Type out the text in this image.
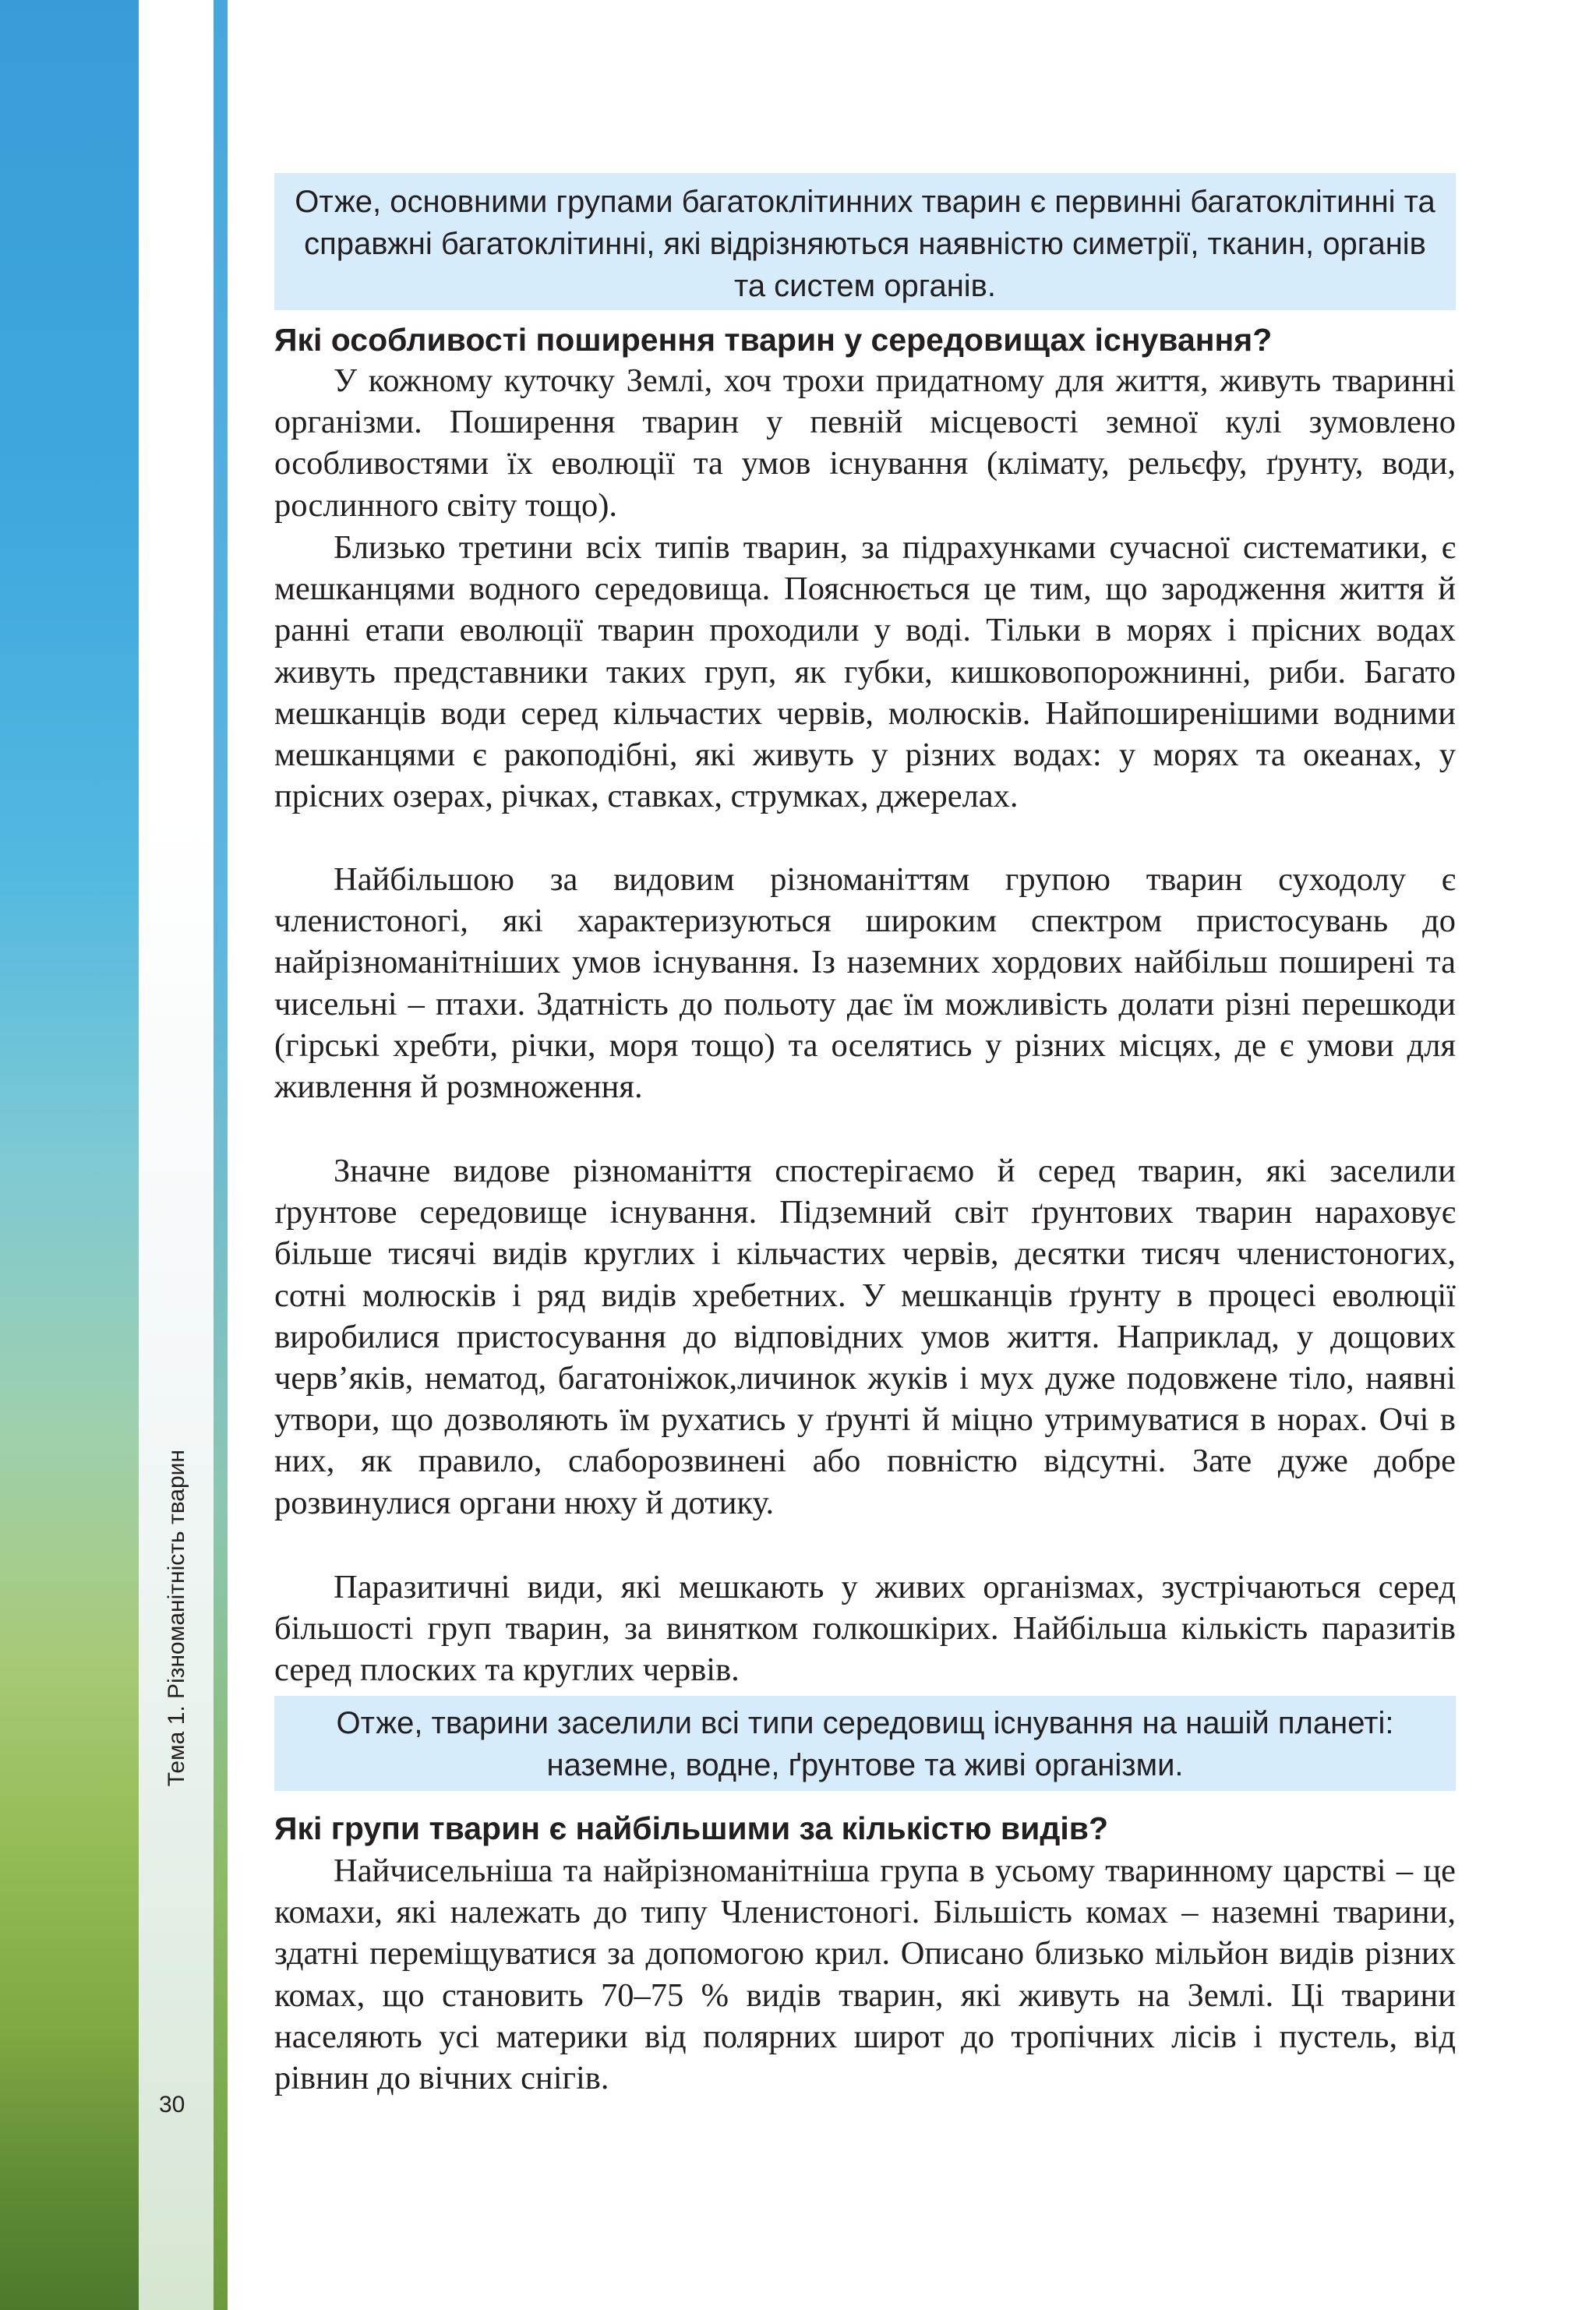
Тема 1. Різноманітність тварин
30
Отже, основними групами багатоклітинних тварин є первинні багатоклітинні та справжні багатоклітинні, які відрізняються наявністю симетрії, тканин, органів та систем органів.
Які особливості поширення тварин у середовищах існування?

У кожному куточку Землі, хоч трохи придатному для життя, живуть тваринні організми. Поширення тварин у певній місцевості земної кулі зумовлено особливостями їх еволюції та умов існування (клімату, рельєфу, ґрунту, води, рослинного світу тощо).

Близько третини всіх типів тварин, за підрахунками сучасної систематики, є мешканцями водного середовища. Пояснюється це тим, що зародження життя й ранні етапи еволюції тварин проходили у воді. Тільки в морях і прісних водах живуть представники таких груп, як губки, кишковопорожнинні, риби. Багато мешканців води серед кільчастих червів, молюсків. Найпоширенішими водними мешканцями є ракоподібні, які живуть у різних водах: у морях та океанах, у прісних озерах, річках, ставках, струмках, джерелах.

Найбільшою за видовим різноманіттям групою тварин суходолу є членистоногі, які характеризуються широким спектром пристосувань до найрізноманітніших умов існування. Із наземних хордових найбільш поширені та чисельні – птахи. Здатність до польоту дає їм можливість долати різні перешкоди (гірські хребти, річки, моря тощо) та оселятись у різних місцях, де є умови для живлення й розмноження.

Значне видове різноманіття спостерігаємо й серед тварин, які заселили ґрунтове середовище існування. Підземний світ ґрунтових тварин нараховує більше тисячі видів круглих і кільчастих червів, десятки тисяч членистоногих, сотні молюсків і ряд видів хребетних. У мешканців ґрунту в процесі еволюції виробилися пристосування до відповідних умов життя. Наприклад, у дощових черв’яків, нематод, багатоніжок,личинок жуків і мух дуже подовжене тіло, наявні утвори, що дозволяють їм рухатись у ґрунті й міцно утримуватися в норах. Очі в них, як правило, слаборозвинені або повністю відсутні. Зате дуже добре розвинулися органи нюху й дотику.

Паразитичні види, які мешкають у живих організмах, зустрічаються серед більшості груп тварин, за винятком голкошкірих. Найбільша кількість паразитів серед плоских та круглих червів.

Отже, тварини заселили всі типи середовищ існування на нашій планеті: наземне, водне, ґрунтове та живі організми.
Які групи тварин є найбільшими за кількістю видів?

Найчисельніша та найрізноманітніша група в усьому тваринному царстві – це комахи, які належать до типу Членистоногі. Більшість комах – наземні тварини, здатні переміщуватися за допомогою крил. Описано близько мільйон видів різних комах, що становить 70–75 % видів тварин, які живуть на Землі. Ці тварини населяють усі материки від полярних широт до тропічних лісів і пустель, від рівнин до вічних снігів.
